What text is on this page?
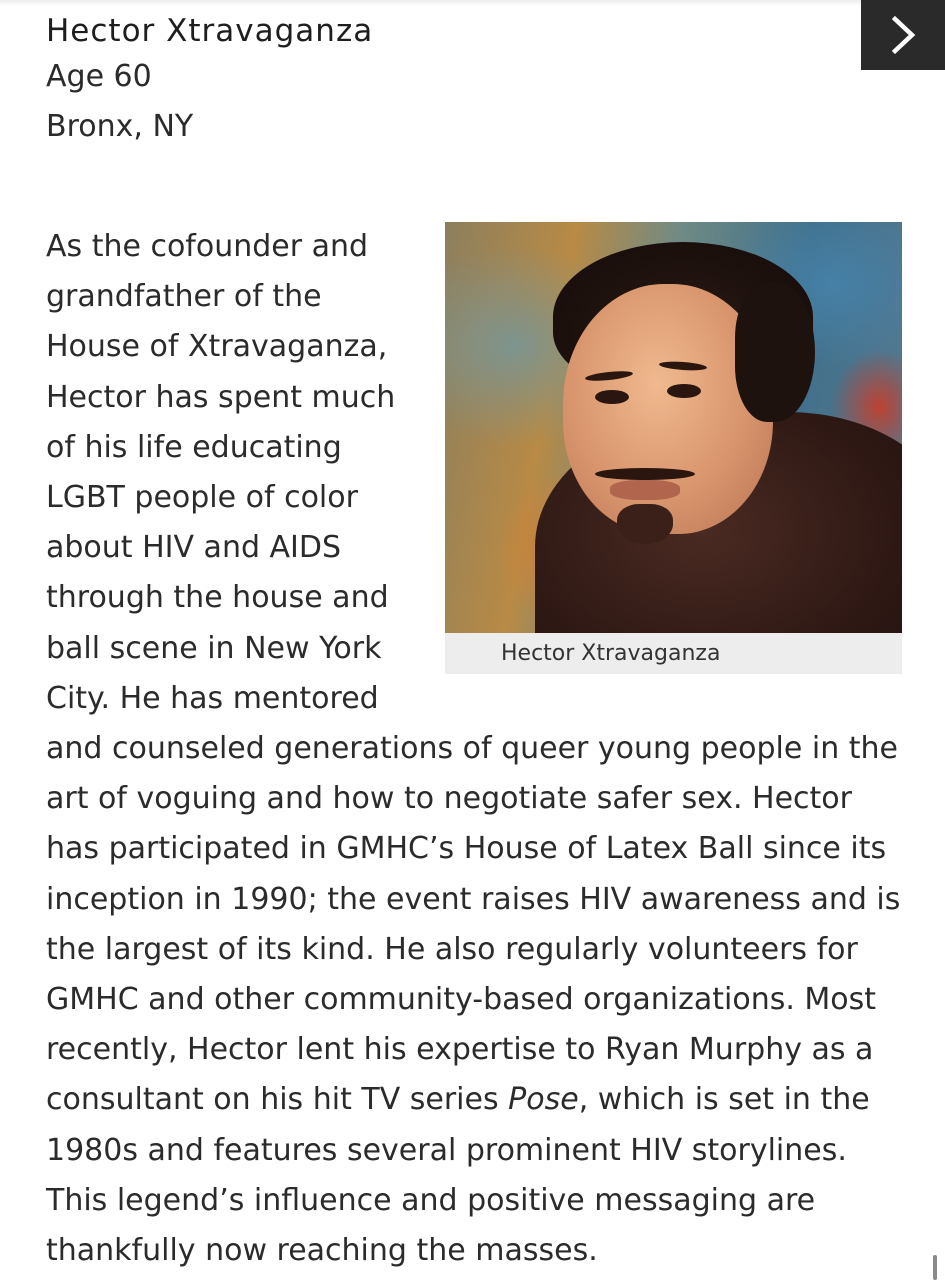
Hector Xtravaganza
Age 60
Bronx, NY
Hector Xtravaganza

As the cofounder and grandfather of the House of Xtravaganza, Hector has spent much of his life educating LGBT people of color about HIV and AIDS through the house and ball scene in New York City. He has mentored and counseled generations of queer young people in the art of voguing and how to negotiate safer sex. Hector has participated in GMHC’s House of Latex Ball since its inception in 1990; the event raises HIV awareness and is the largest of its kind. He also regularly volunteers for GMHC and other community-based organizations. Most recently, Hector lent his expertise to Ryan Murphy as a consultant on his hit TV series Pose, which is set in the 1980s and features several prominent HIV storylines. This legend’s influence and positive messaging are thankfully now reaching the masses.
